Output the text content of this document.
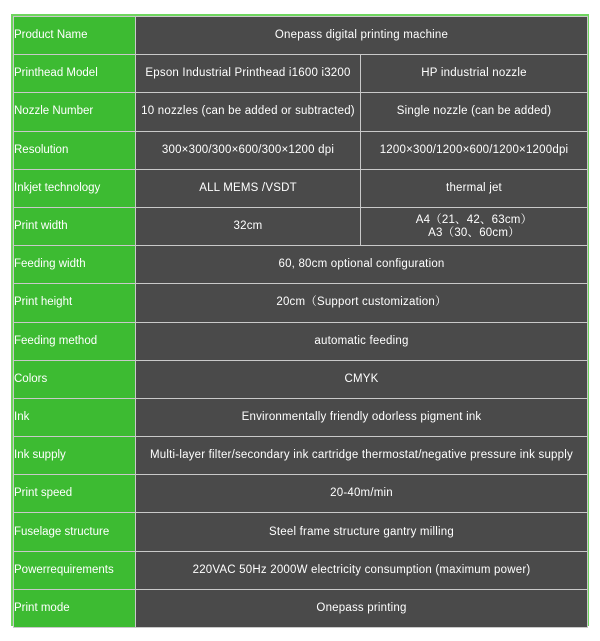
Product Name	Onepass digital printing machine	
Printhead Model	Epson Industrial Printhead i1600 i3200	HP industrial nozzle
Nozzle Number	10 nozzles (can be added or subtracted)	Single nozzle (can be added)
Resolution	300×300/300×600/300×1200 dpi	1200×300/1200×600/1200×1200dpi
Inkjet technology	ALL MEMS /VSDT	thermal jet
Print width	32cm	A4（21、42、63cm）
A3（30、60cm）

Feeding width	60, 80cm optional configuration	
Print height	20cm（Support customization）	
Feeding method	automatic feeding	
Colors	CMYK	
Ink	Environmentally friendly odorless pigment ink	
Ink supply	Multi-layer filter/secondary ink cartridge thermostat/negative pressure ink supply	
Print speed	20-40m/min	
Fuselage structure	Steel frame structure gantry milling	
Powerrequirements	220VAC 50Hz 2000W electricity consumption (maximum power)	
Print mode	Onepass printing	
